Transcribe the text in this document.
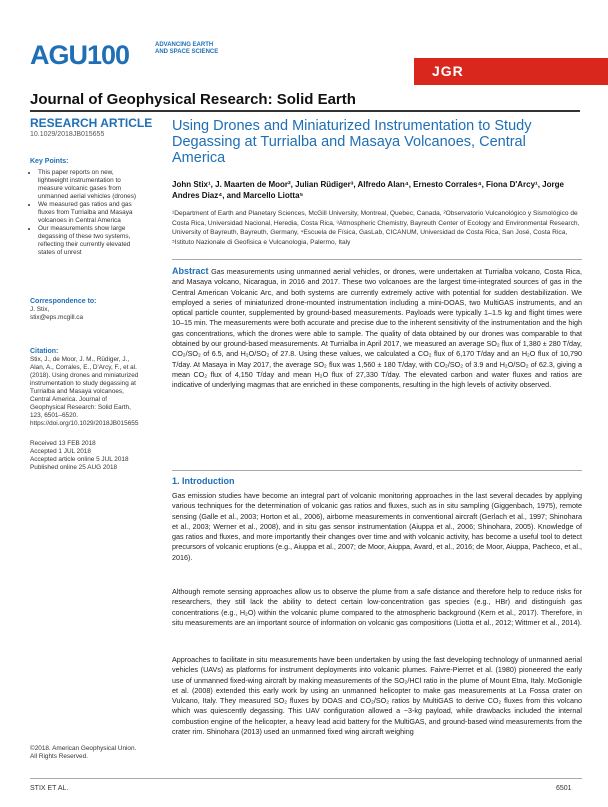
AGU100	ADVANCING EARTH AND SPACE SCIENCE
JGR
Journal of Geophysical Research: Solid Earth
RESEARCH ARTICLE
10.1029/2018JB015655
Key Points:
• This paper reports on new, lightweight instrumentation to measure volcanic gases from unmanned aerial vehicles (drones)
• We measured gas ratios and gas fluxes from Turrialba and Masaya volcanoes in Central America
• Our measurements show large degassing of these two systems, reflecting their currently elevated states of unrest
Correspondence to:
J. Stix,
stix@eps.mcgill.ca
Citation:
Stix, J., de Moor, J. M., Rüdiger, J., Alan, A., Corrales, E., D'Arcy, F., et al. (2018). Using drones and miniaturized instrumentation to study degassing at Turrialba and Masaya volcanoes, Central America. Journal of Geophysical Research: Solid Earth, 123, 6501–6520. https://doi.org/10.1029/2018JB015655
Received 13 FEB 2018
Accepted 1 JUL 2018
Accepted article online 5 JUL 2018
Published online 25 AUG 2018
©2018. American Geophysical Union. All Rights Reserved.
Using Drones and Miniaturized Instrumentation to Study Degassing at Turrialba and Masaya Volcanoes, Central America
John Stix¹, J. Maarten de Moor², Julian Rüdiger³, Alfredo Alan⁴, Ernesto Corrales⁴, Fiona D'Arcy¹, Jorge Andres Diaz⁴, and Marcello Liotta⁵
¹Department of Earth and Planetary Sciences, McGill University, Montreal, Quebec, Canada, ²Observatorio Vulcanológico y Sismológico de Costa Rica, Universidad Nacional, Heredia, Costa Rica, ³Atmospheric Chemistry, Bayreuth Center of Ecology and Environmental Research, University of Bayreuth, Bayreuth, Germany, ⁴Escuela de Física, GasLab, CICANUM, Universidad de Costa Rica, San José, Costa Rica, ⁵Istituto Nazionale di Geofisica e Vulcanologia, Palermo, Italy
Abstract Gas measurements using unmanned aerial vehicles, or drones, were undertaken at Turrialba volcano, Costa Rica, and Masaya volcano, Nicaragua, in 2016 and 2017. These two volcanoes are the largest time-integrated sources of gas in the Central American Volcanic Arc, and both systems are currently extremely active with potential for sudden destabilization. We employed a series of miniaturized drone-mounted instrumentation including a mini-DOAS, two MultiGAS instruments, and an optical particle counter, supplemented by ground-based measurements. Payloads were typically 1–1.5 kg and flight times were 10–15 min. The measurements were both accurate and precise due to the inherent sensitivity of the instrumentation and the high gas concentrations, which the drones were able to sample. The quality of data obtained by our drones was comparable to that obtained by our ground-based measurements. At Turrialba in April 2017, we measured an average SO₂ flux of 1,380 ± 280 T/day, CO₂/SO₂ of 6.5, and H₂O/SO₂ of 27.8. Using these values, we calculated a CO₂ flux of 6,170 T/day and an H₂O flux of 10,790 T/day. At Masaya in May 2017, the average SO₂ flux was 1,560 ± 180 T/day, with CO₂/SO₂ of 3.9 and H₂O/SO₂ of 62.3, giving a mean CO₂ flux of 4,150 T/day and mean H₂O flux of 27,330 T/day. The elevated carbon and water fluxes and ratios are indicative of underlying magmas that are enriched in these components, resulting in the high levels of activity observed.
1. Introduction
Gas emission studies have become an integral part of volcanic monitoring approaches in the last several decades by applying various techniques for the determination of volcanic gas ratios and fluxes, such as in situ sampling (Giggenbach, 1975), remote sensing (Galle et al., 2003; Horton et al., 2006), airborne measurements in conventional aircraft (Gerlach et al., 1997; Shinohara et al., 2003; Werner et al., 2008), and in situ gas sensor instrumentation (Aiuppa et al., 2006; Shinohara, 2005). Knowledge of gas ratios and fluxes, and more importantly their changes over time and with volcanic activity, has become a useful tool to detect precursors of volcanic eruptions (e.g., Aiuppa et al., 2007; de Moor, Aiuppa, Avard, et al., 2016; de Moor, Aiuppa, Pacheco, et al., 2016).
Although remote sensing approaches allow us to observe the plume from a safe distance and therefore help to reduce risks for researchers, they still lack the ability to detect certain low-concentration gas species (e.g., HBr) and distinguish gas concentrations (e.g., H₂O) within the volcanic plume compared to the atmospheric background (Kern et al., 2017). Therefore, in situ measurements are an important source of information on volcanic gas compositions (Liotta et al., 2012; Wittmer et al., 2014).
Approaches to facilitate in situ measurements have been undertaken by using the fast developing technology of unmanned aerial vehicles (UAVs) as platforms for instrument deployments into volcanic plumes. Faivre-Pierret et al. (1980) pioneered the early use of unmanned fixed-wing aircraft by making measurements of the SO₂/HCl ratio in the plume of Mount Etna, Italy. McGonigle et al. (2008) extended this early work by using an unmanned helicopter to make gas measurements at La Fossa crater on Vulcano, Italy. They measured SO₂ fluxes by DOAS and CO₂/SO₂ ratios by MultiGAS to derive CO₂ fluxes from this volcano which was quiescently degassing. This UAV configuration allowed a ~3-kg payload, while drawbacks included the internal combustion engine of the helicopter, a heavy lead acid battery for the MultiGAS, and ground-based wind measurements from the crater rim. Shinohara (2013) used an unmanned fixed wing aircraft weighing
STIX ET AL.	6501
